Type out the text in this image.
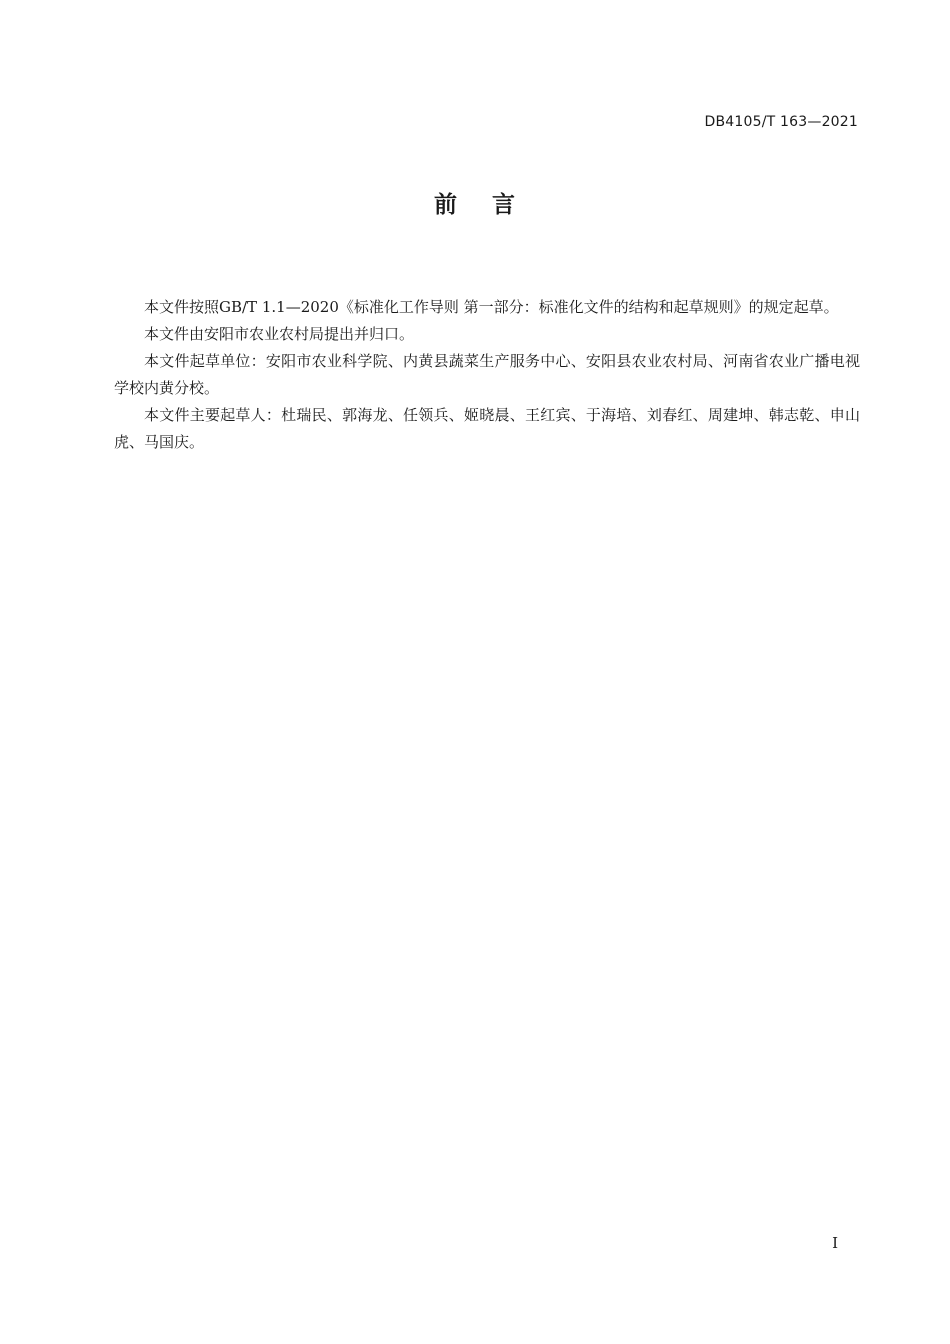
DB4105/T 163—2021
前 言

本文件按照GB/T 1.1—2020《标准化工作导则 第一部分：标准化文件的结构和起草规则》的规定起草。

本文件由安阳市农业农村局提出并归口。

本文件起草单位：安阳市农业科学院、内黄县蔬菜生产服务中心、安阳县农业农村局、河南省农业广播电视学校内黄分校。

本文件主要起草人：杜瑞民、郭海龙、任领兵、姬晓晨、王红宾、于海培、刘春红、周建坤、韩志乾、申山虎、马国庆。

I
